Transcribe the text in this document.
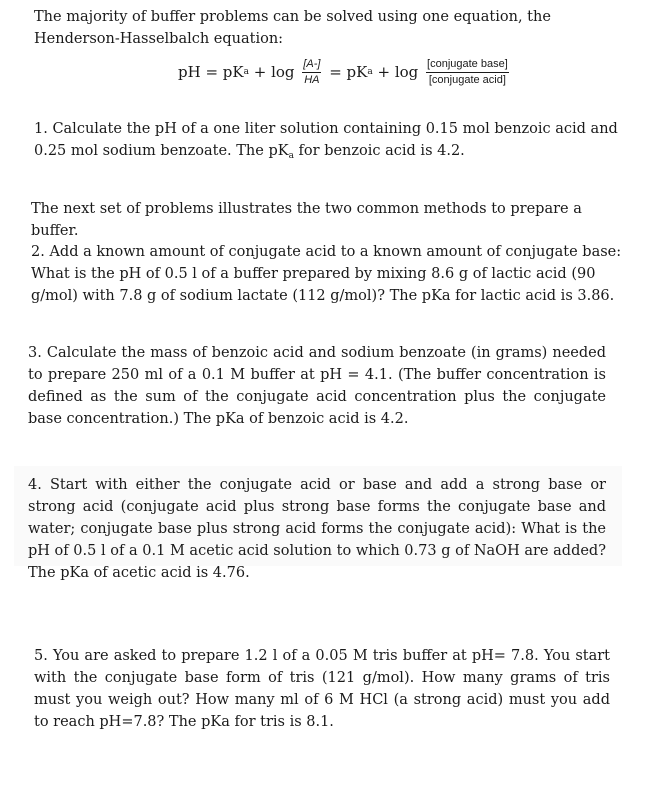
The majority of buffer problems can be solved using one equation, the Henderson-Hasselbalch equation:
pH = pK $a + \log \frac{[A-]}{HA}$ = pK $a + \log \frac{\text{[conjugate base]}}{\text{[conjugate acid]}}$
1. Calculate the pH of a one liter solution containing 0.15 mol benzoic acid and 0.25 mol sodium benzoate. The $pK_a$ for benzoic acid is 4.2.
The next set of problems illustrates the two common methods to prepare a buffer.
2. Add a known amount of conjugate acid to a known amount of conjugate base: What is the pH of 0.5 l of a buffer prepared by mixing 8.6 g of lactic acid (90 g/mol) with 7.8 g of sodium lactate (112 g/mol)? The pKa for lactic acid is 3.86.
3. Calculate the mass of benzoic acid and sodium benzoate (in grams) needed to prepare 250 ml of a 0.1 M buffer at pH = 4.1. (The buffer concentration is defined as the sum of the conjugate acid concentration plus the conjugate base concentration.) The pKa of benzoic acid is 4.2.
4. Start with either the conjugate acid or base and add a strong base or strong acid (conjugate acid plus strong base forms the conjugate base and water; conjugate base plus strong acid forms the conjugate acid): What is the pH of 0.5 l of a 0.1 M acetic acid solution to which 0.73 g of NaOH are added? The pKa of acetic acid is 4.76.
5. You are asked to prepare 1.2 l of a 0.05 M tris buffer at pH= 7.8. You start with the conjugate base form of tris (121 g/mol). How many grams of tris must you weigh out? How many ml of 6 M HCl (a strong acid) must you add to reach pH=7.8? The pKa for tris is 8.1.
